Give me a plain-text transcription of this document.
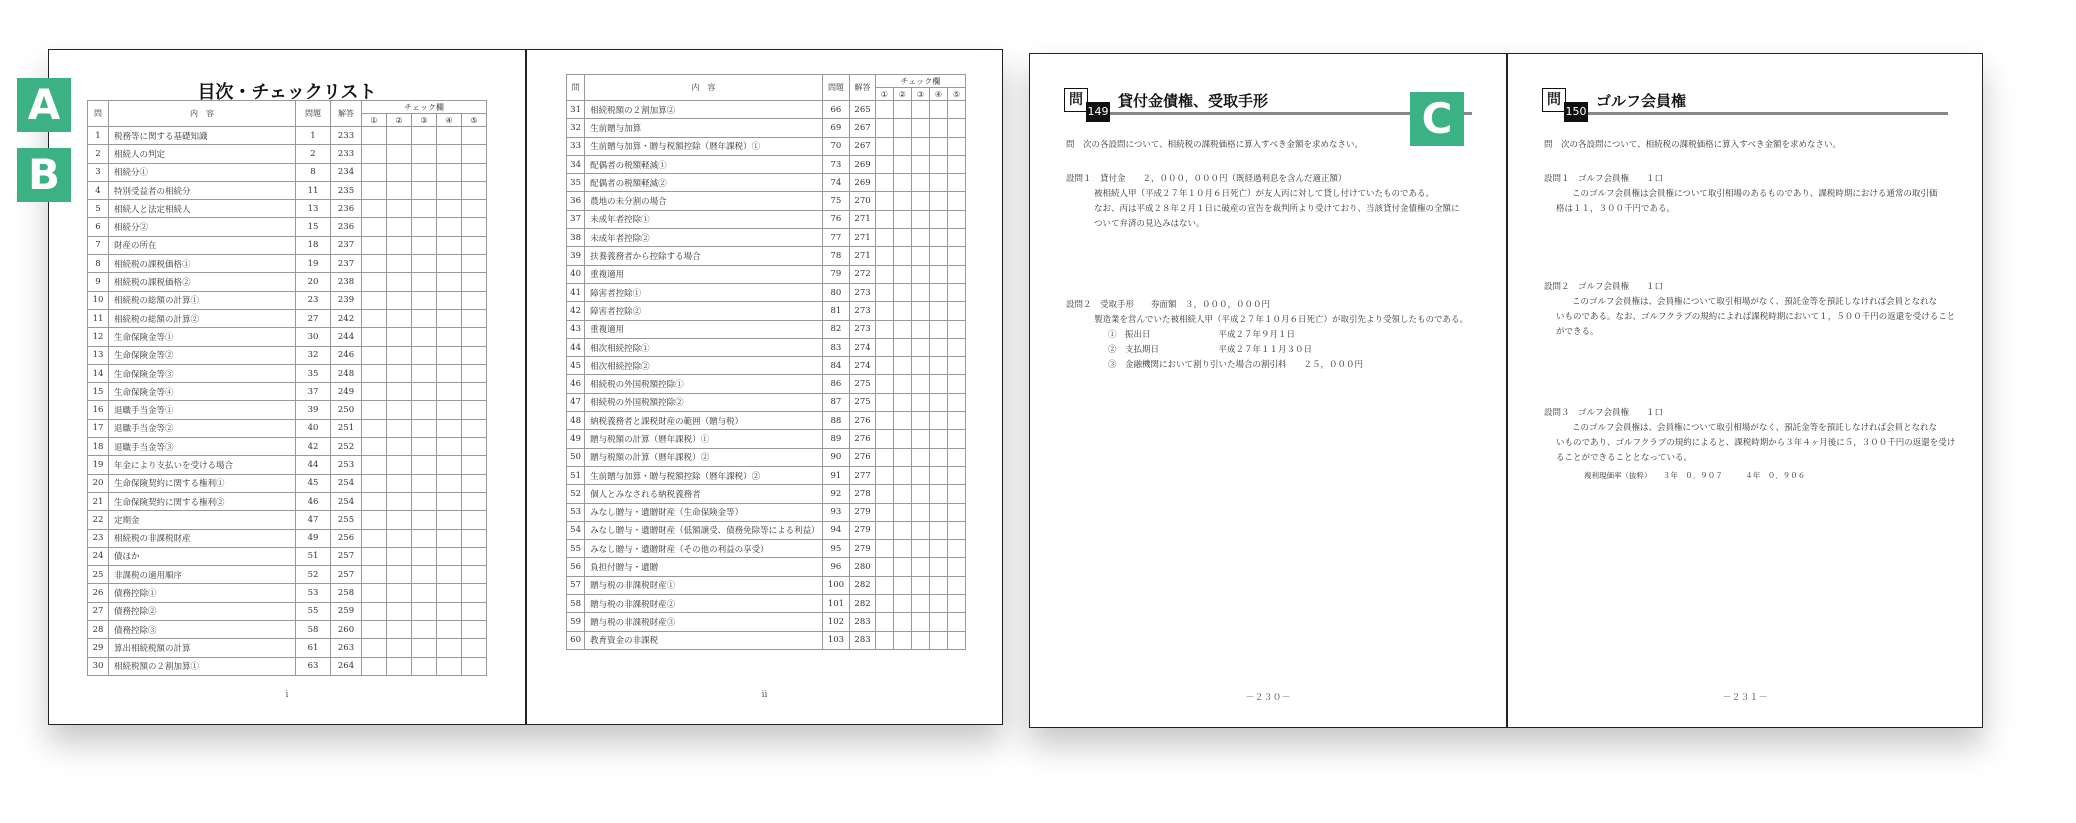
目次・チェックリスト
問	内　容	問題	解答	チェック欄				
				①	②	③	④	⑤
1	税務等に関する基礎知識	1	233					
2	相続人の判定	2	233					
3	相続分①	8	234					
4	特別受益者の相続分	11	235					
5	相続人と法定相続人	13	236					
6	相続分②	15	236					
7	財産の所在	18	237					
8	相続税の課税価格①	19	237					
9	相続税の課税価格②	20	238					
10	相続税の総額の計算①	23	239					
11	相続税の総額の計算②	27	242					
12	生命保険金等①	30	244					
13	生命保険金等②	32	246					
14	生命保険金等③	35	248					
15	生命保険金等④	37	249					
16	退職手当金等①	39	250					
17	退職手当金等②	40	251					
18	退職手当金等③	42	252					
19	年金により支払いを受ける場合	44	253					
20	生命保険契約に関する権利①	45	254					
21	生命保険契約に関する権利②	46	254					
22	定期金	47	255					
23	相続税の非課税財産	49	256					
24	債ほか	51	257					
25	非課税の適用順序	52	257					
26	債務控除①	53	258					
27	債務控除②	55	259					
28	債務控除③	58	260					
29	算出相続税額の計算	61	263					
30	相続税額の２割加算①	63	264					
i
問	内　容	問題	解答	チェック欄				
				①	②	③	④	⑤
31	相続税額の２割加算②	66	265					
32	生前贈与加算	69	267					
33	生前贈与加算・贈与税額控除（暦年課税）①	70	267					
34	配偶者の税額軽減①	73	269					
35	配偶者の税額軽減②	74	269					
36	農地の未分割の場合	75	270					
37	未成年者控除①	76	271					
38	未成年者控除②	77	271					
39	扶養義務者から控除する場合	78	271					
40	重複適用	79	272					
41	障害者控除①	80	273					
42	障害者控除②	81	273					
43	重複適用	82	273					
44	相次相続控除①	83	274					
45	相次相続控除②	84	274					
46	相続税の外国税額控除①	86	275					
47	相続税の外国税額控除②	87	275					
48	納税義務者と課税財産の範囲（贈与税）	88	276					
49	贈与税額の計算（暦年課税）①	89	276					
50	贈与税額の計算（暦年課税）②	90	276					
51	生前贈与加算・贈与税額控除（暦年課税）②	91	277					
52	個人とみなされる納税義務者	92	278					
53	みなし贈与・遺贈財産（生命保険金等）	93	279					
54	みなし贈与・遺贈財産（低額譲受、債務免除等による利益）	94	279					
55	みなし贈与・遺贈財産（その他の利益の享受）	95	279					
56	負担付贈与・遺贈	96	280					
57	贈与税の非課税財産①	100	282					
58	贈与税の非課税財産②	101	282					
59	贈与税の非課税財産③	102	283					
60	教育資金の非課税	103	283					
ii
問
149
貸付金債権、受取手形
問　次の各設問について、相続税の課税価格に算入すべき金額を求めなさい。
設問１　貸付金　　２，０００，０００円（既経過利息を含んだ適正額）
被相続人甲（平成２７年１０月６日死亡）が友人丙に対して貸し付けていたものである。
なお、丙は平成２８年２月１日に破産の宣告を裁判所より受けており、当該貸付金債権の全額に
ついて弁済の見込みはない。
設問２　受取手形　　券面額　３，０００，０００円
製造業を営んでいた被相続人甲（平成２７年１０月６日死亡）が取引先より受領したものである。
①　振出日　　　　　　　　平成２７年９月１日
②　支払期日　　　　　　　平成２７年１１月３０日
③　金融機関において割り引いた場合の割引料　　２５，０００円
－２３０－
問
150
ゴルフ会員権
問　次の各設問について、相続税の課税価格に算入すべき金額を求めなさい。
設問１　ゴルフ会員権　　１口
このゴルフ会員権は会員権について取引相場のあるものであり、課税時期における通常の取引価
格は１１，３００千円である。
設問２　ゴルフ会員権　　１口
このゴルフ会員権は、会員権について取引相場がなく、預託金等を預託しなければ会員となれな
いものである。なお、ゴルフクラブの規約によれば課税時期において１，５００千円の返還を受けること
ができる。
設問３　ゴルフ会員権　　１口
このゴルフ会員権は、会員権について取引相場がなく、預託金等を預託しなければ会員となれな
いものであり、ゴルフクラブの規約によると、課税時期から３年４ヶ月後に５，３００千円の返還を受け
ることができることとなっている。
複利現価率（抜粋）　　３年　０．９０７　　　４年　０．９０６
－２３１－
A
B
C
